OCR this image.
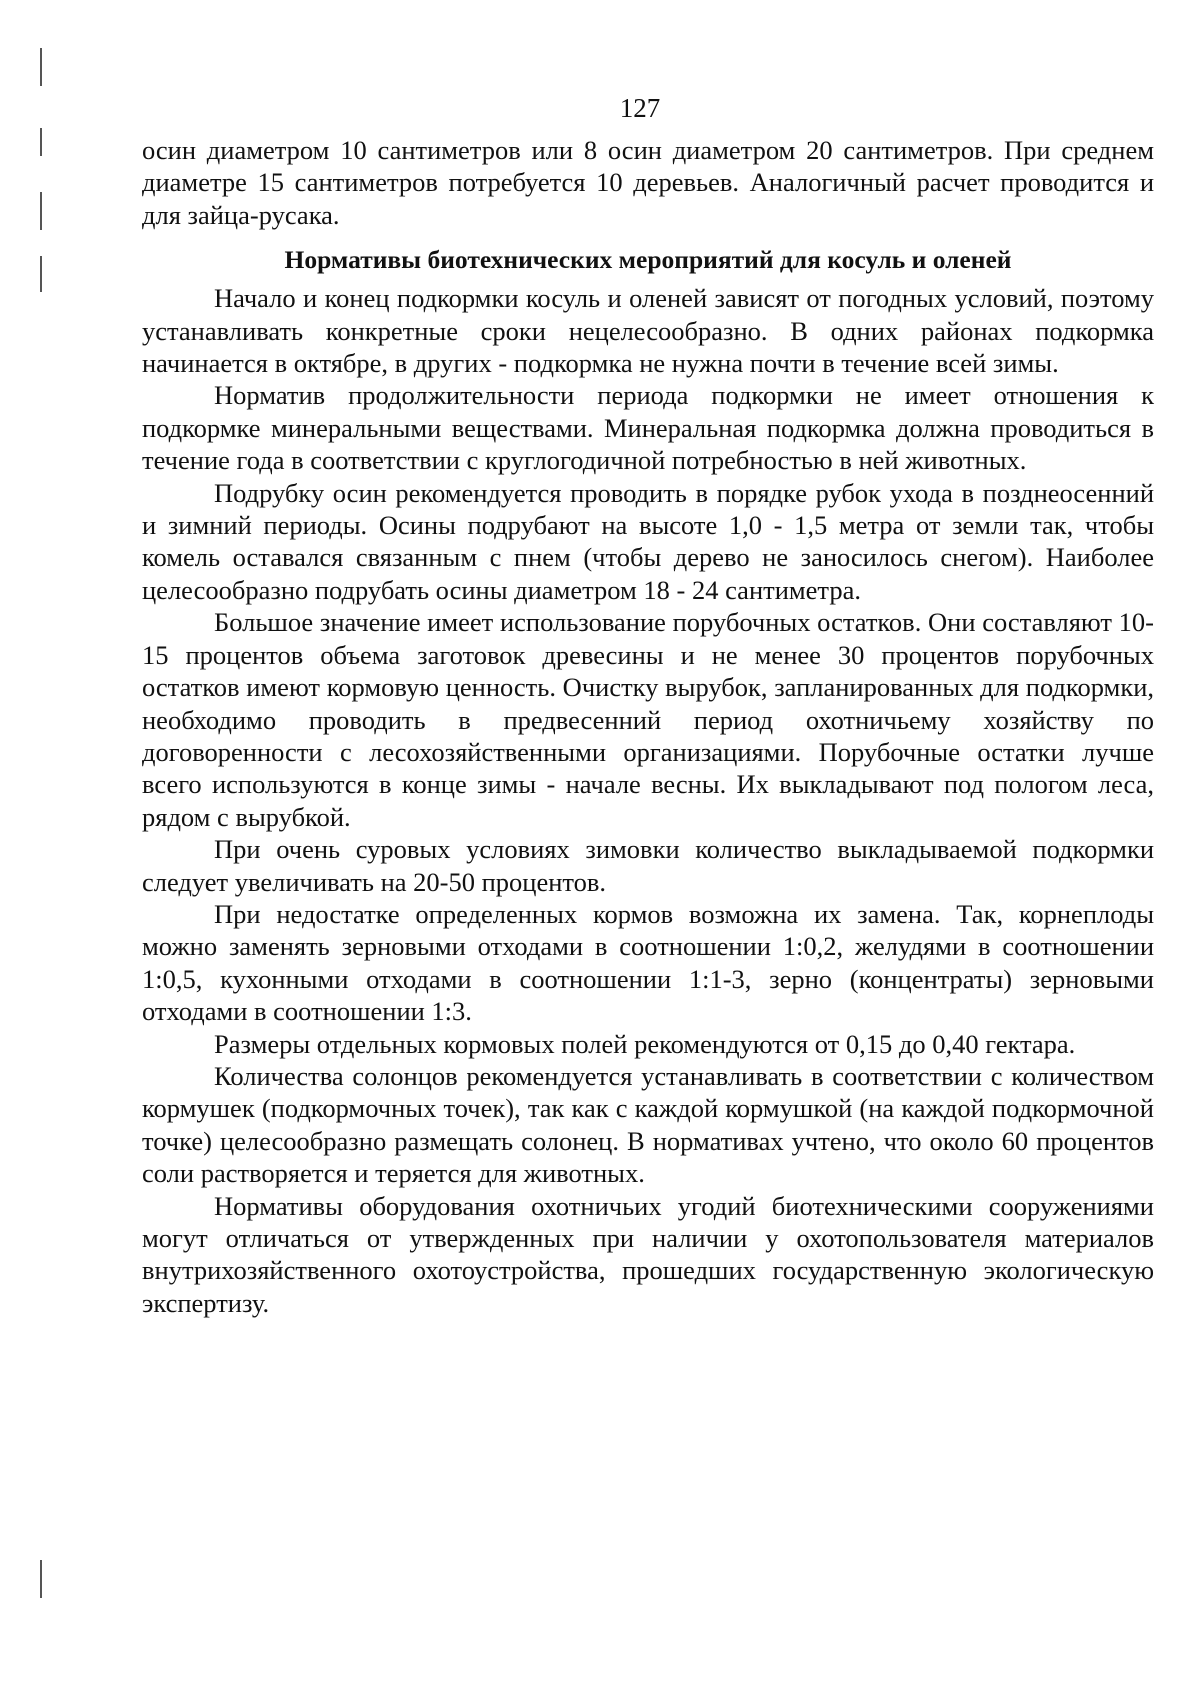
127

осин диаметром 10 сантиметров или 8 осин диаметром 20 сантиметров. При среднем диаметре 15 сантиметров потребуется 10 деревьев. Аналогичный расчет проводится и для зайца-русака.

Нормативы биотехнических мероприятий для косуль и оленей

Начало и конец подкормки косуль и оленей зависят от погодных условий, поэтому устанавливать конкретные сроки нецелесообразно. В одних районах подкормка начинается в октябре, в других - подкормка не нужна почти в течение всей зимы.

Норматив продолжительности периода подкормки не имеет отношения к подкормке минеральными веществами. Минеральная подкормка должна проводиться в течение года в соответствии с круглогодичной потребностью в ней животных.

Подрубку осин рекомендуется проводить в порядке рубок ухода в позднеосенний и зимний периоды. Осины подрубают на высоте 1,0 - 1,5 метра от земли так, чтобы комель оставался связанным с пнем (чтобы дерево не заносилось снегом). Наиболее целесообразно подрубать осины диаметром 18 - 24 сантиметра.

Большое значение имеет использование порубочных остатков. Они составляют 10-15 процентов объема заготовок древесины и не менее 30 процентов порубочных остатков имеют кормовую ценность. Очистку вырубок, запланированных для подкормки, необходимо проводить в предвесенний период охотничьему хозяйству по договоренности с лесохозяйственными организациями. Порубочные остатки лучше всего используются в конце зимы - начале весны. Их выкладывают под пологом леса, рядом с вырубкой.

При очень суровых условиях зимовки количество выкладываемой подкормки следует увеличивать на 20-50 процентов.

При недостатке определенных кормов возможна их замена. Так, корнеплоды можно заменять зерновыми отходами в соотношении 1:0,2, желудями в соотношении 1:0,5, кухонными отходами в соотношении 1:1-3, зерно (концентраты) зерновыми отходами в соотношении 1:3.

Размеры отдельных кормовых полей рекомендуются от 0,15 до 0,40 гектара.

Количества солонцов рекомендуется устанавливать в соответствии с количеством кормушек (подкормочных точек), так как с каждой кормушкой (на каждой подкормочной точке) целесообразно размещать солонец. В нормативах учтено, что около 60 процентов соли растворяется и теряется для животных.

Нормативы оборудования охотничьих угодий биотехническими сооружениями могут отличаться от утвержденных при наличии у охотопользователя материалов внутрихозяйственного охотоустройства, прошедших государственную экологическую экспертизу.
